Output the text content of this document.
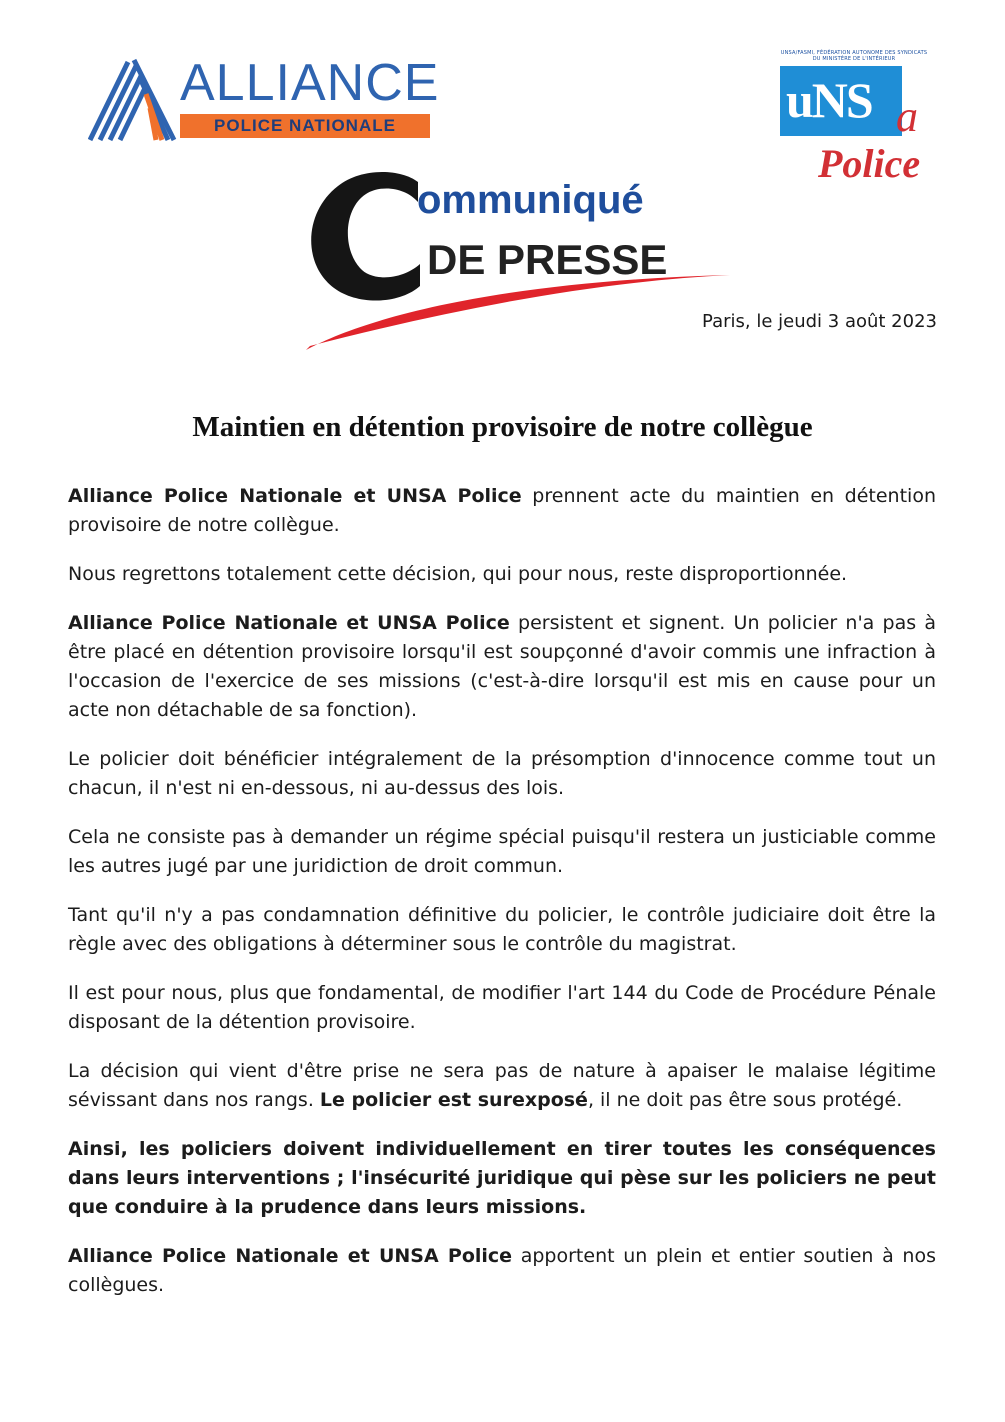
ALLIANCE
POLICE NATIONALE
UNSA/FASMI, FÉDÉRATION AUTONOME DES SYNDICATS DU MINISTÈRE DE L'INTÉRIEUR
uNS a
Police
ommuniqué
DE PRESSE
Paris, le jeudi 3 août 2023
Maintien en détention provisoire de notre collègue

Alliance Police Nationale et UNSA Police prennent acte du maintien en détention provisoire de notre collègue.

Nous regrettons totalement cette décision, qui pour nous, reste disproportionnée.

Alliance Police Nationale et UNSA Police persistent et signent. Un policier n'a pas à être placé en détention provisoire lorsqu'il est soupçonné d'avoir commis une infraction à l'occasion de l'exercice de ses missions (c'est-à-dire lorsqu'il est mis en cause pour un acte non détachable de sa fonction).

Le policier doit bénéficier intégralement de la présomption d'innocence comme tout un chacun, il n'est ni en-dessous, ni au-dessus des lois.

Cela ne consiste pas à demander un régime spécial puisqu'il restera un justiciable comme les autres jugé par une juridiction de droit commun.

Tant qu'il n'y a pas condamnation définitive du policier, le contrôle judiciaire doit être la règle avec des obligations à déterminer sous le contrôle du magistrat.

Il est pour nous, plus que fondamental, de modifier l'art 144 du Code de Procédure Pénale disposant de la détention provisoire.

La décision qui vient d'être prise ne sera pas de nature à apaiser le malaise légitime sévissant dans nos rangs. Le policier est surexposé, il ne doit pas être sous protégé.

Ainsi, les policiers doivent individuellement en tirer toutes les conséquences dans leurs interventions ; l'insécurité juridique qui pèse sur les policiers ne peut que conduire à la prudence dans leurs missions.

Alliance Police Nationale et UNSA Police apportent un plein et entier soutien à nos collègues.
